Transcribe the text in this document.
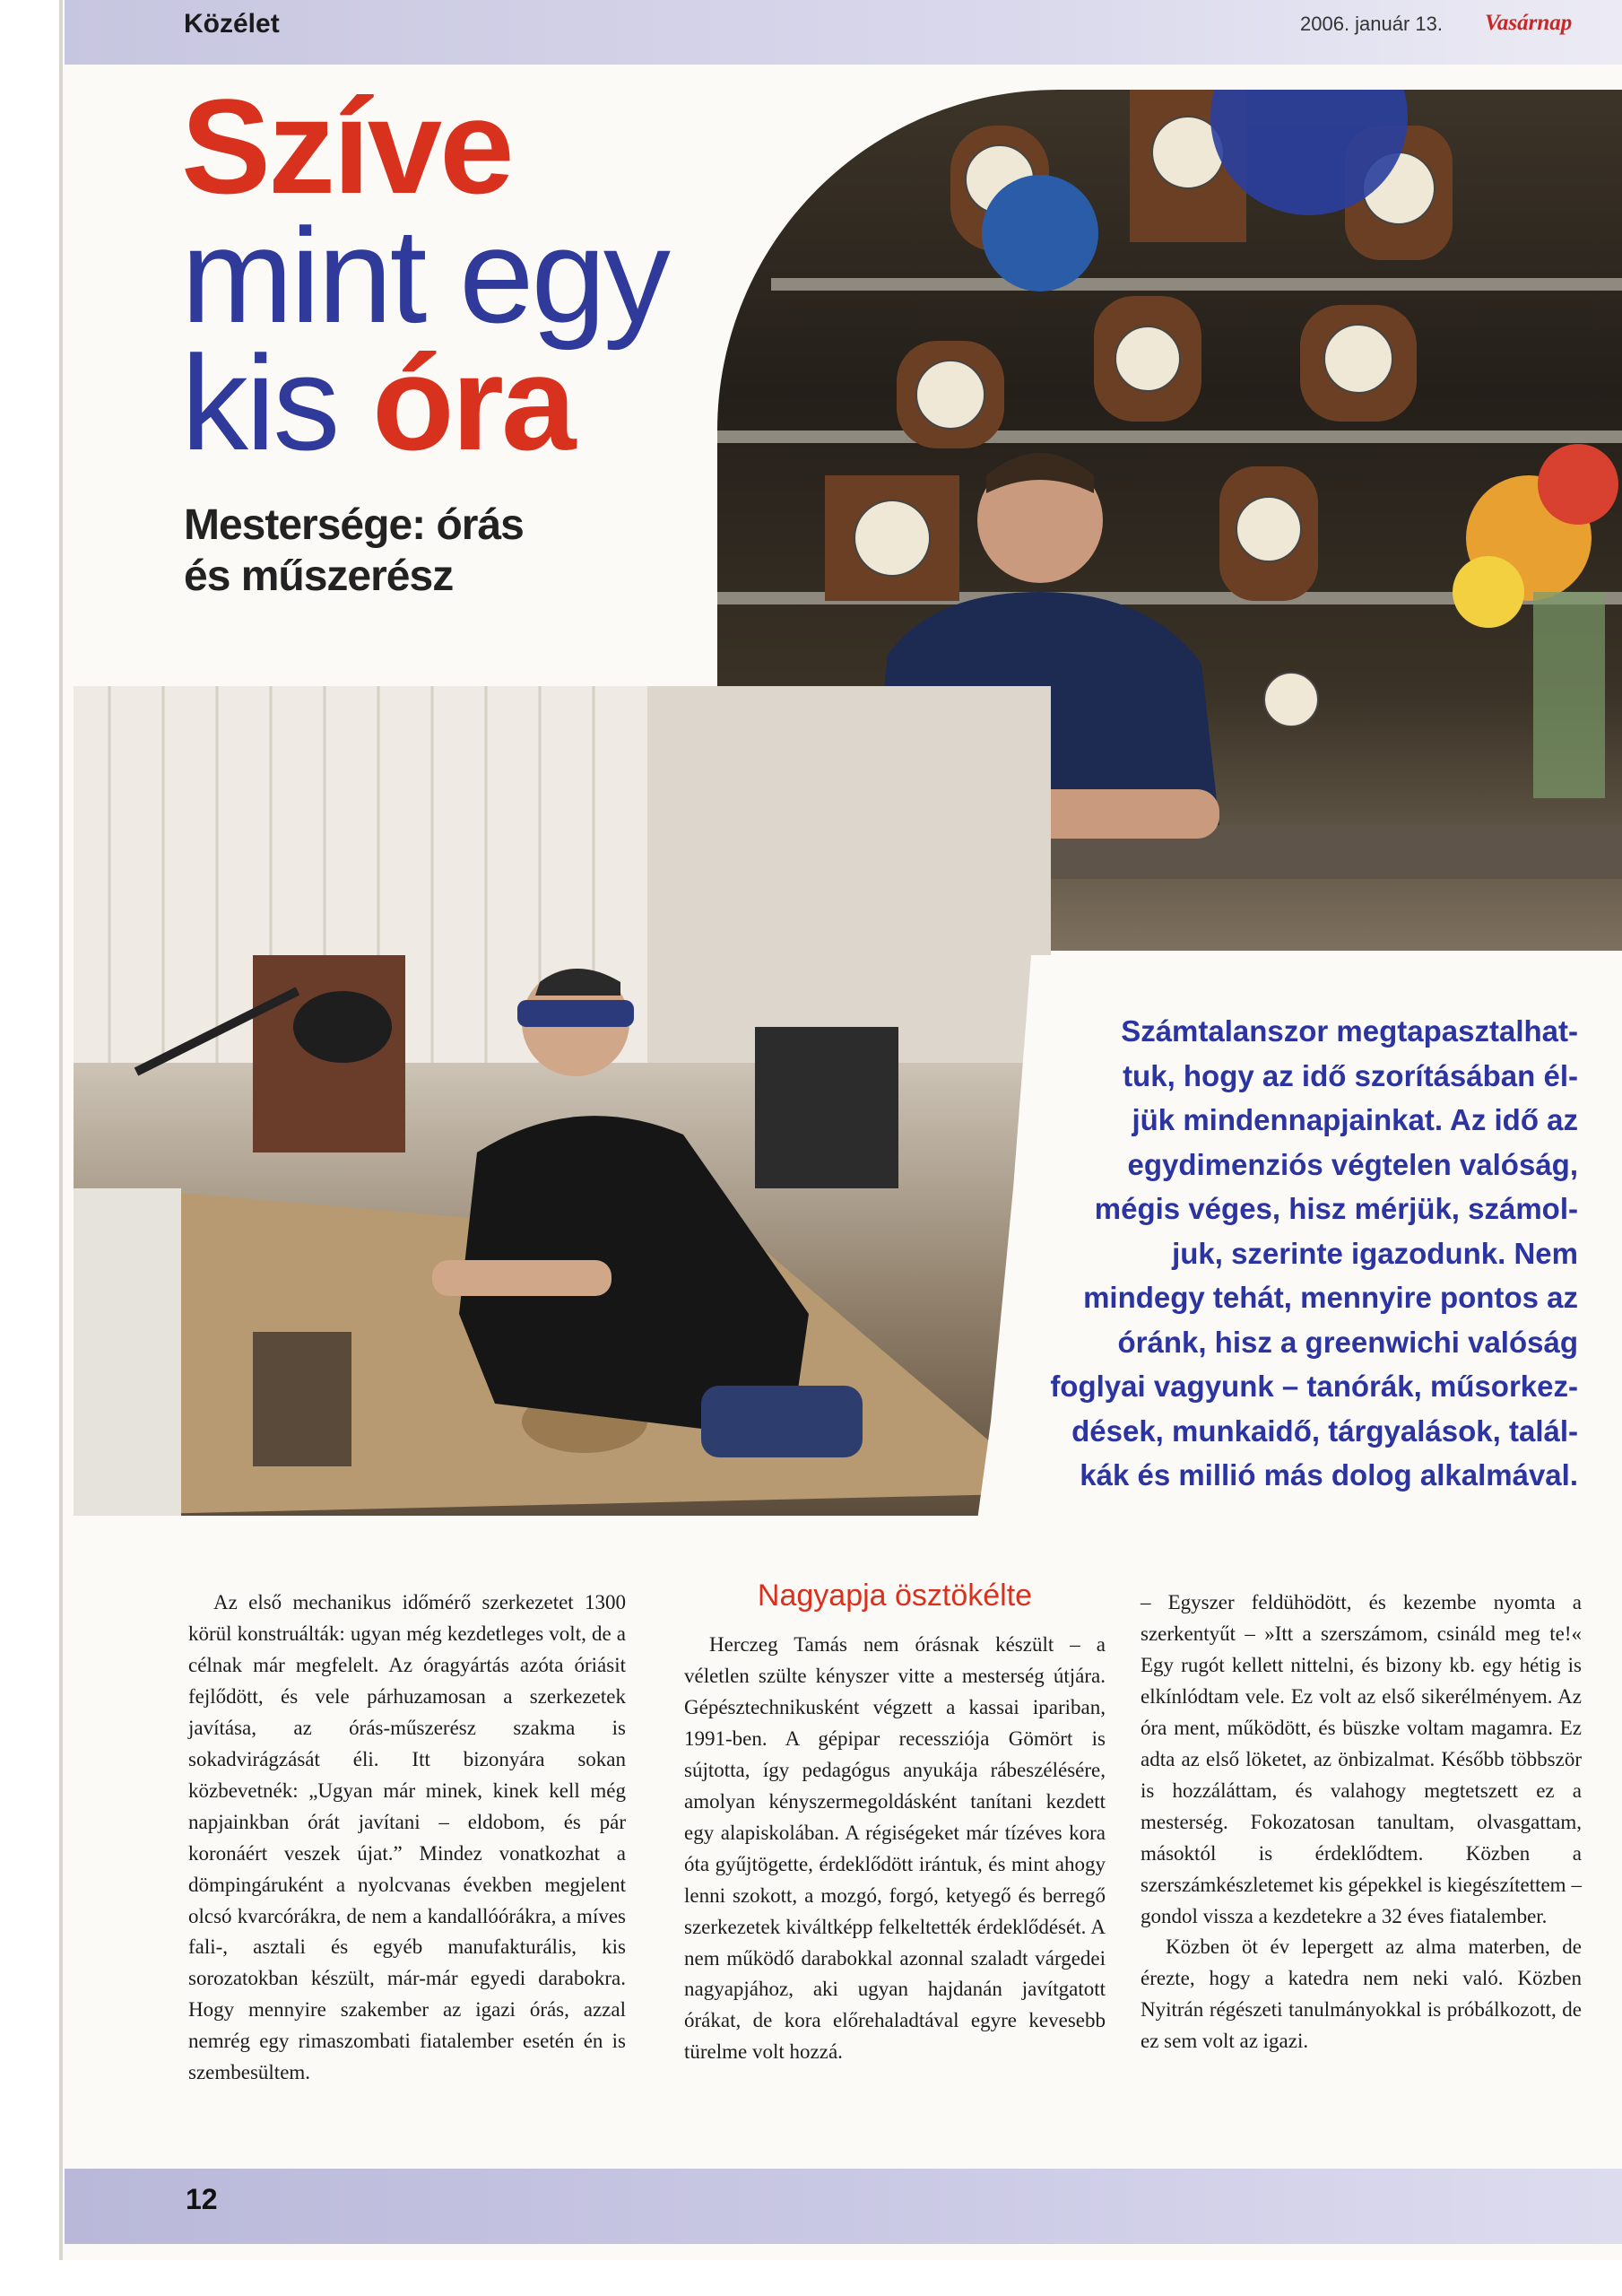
Közélet	2006. január 13. Vasárnap
Szíve
mint egy
kis óra
Mestersége: órás
és műszerész
Számtalanszor megtapasztalhat-
tuk, hogy az idő szorításában él-
jük mindennapjainkat. Az idő az
egydimenziós végtelen valóság,
mégis véges, hisz mérjük, számol-
juk, szerinte igazodunk. Nem
mindegy tehát, mennyire pontos az
óránk, hisz a greenwichi valóság
foglyai vagyunk – tanórák, műsorkez-
dések, munkaidő, tárgyalások, talál-
kák és millió más dolog alkalmával.

Az első mechanikus időmérő szerkezetet 1300 körül konstruálták: ugyan még kezdetleges volt, de a célnak már megfelelt. Az óragyártás azóta óriásit fejlődött, és vele párhuzamosan a szerkezetek javítása, az órás-műszerész szakma is sokadvirágzását éli. Itt bizonyára sokan közbevetnék: „Ugyan már minek, kinek kell még napjainkban órát javítani – eldobom, és pár koronáért veszek újat.” Mindez vonatkozhat a dömpingáruként a nyolcvanas években megjelent olcsó kvarcórákra, de nem a kandallóórákra, a míves fali-, asztali és egyéb manufakturális, kis sorozatokban készült, már-már egyedi darabokra. Hogy mennyire szakember az igazi órás, azzal nemrég egy rimaszombati fiatalember esetén én is szembesültem.

Nagyapja ösztökélte

Herczeg Tamás nem órásnak készült – a véletlen szülte kényszer vitte a mesterség útjára. Gépésztechnikusként végzett a kassai ipariban, 1991-ben. A gépipar recessziója Gömört is sújtotta, így pedagógus anyukája rábeszélésére, amolyan kényszermegoldásként tanítani kezdett egy alapiskolában. A régiségeket már tízéves kora óta gyűjtögette, érdeklődött irántuk, és mint ahogy lenni szokott, a mozgó, forgó, ketyegő és berregő szerkezetek kiváltképp felkeltették érdeklődését. A nem működő darabokkal azonnal szaladt várgedei nagyapjához, aki ugyan hajdanán javítgatott órákat, de kora előrehaladtával egyre kevesebb türelme volt hozzá.

– Egyszer feldühödött, és kezembe nyomta a szerkentyűt – »Itt a szerszámom, csináld meg te!« Egy rugót kellett nittelni, és bizony kb. egy hétig is elkínlódtam vele. Ez volt az első sikerélményem. Az óra ment, működött, és büszke voltam magamra. Ez adta az első löketet, az önbizalmat. Később többször is hozzáláttam, és valahogy megtetszett ez a mesterség. Fokozatosan tanultam, olvasgattam, másoktól is érdeklődtem. Közben a szerszámkészletemet kis gépekkel is kiegészítettem – gondol vissza a kezdetekre a 32 éves fiatalember.

Közben öt év lepergett az alma materben, de érezte, hogy a katedra nem neki való. Közben Nyitrán régészeti tanulmányokkal is próbálkozott, de ez sem volt az igazi.

12
